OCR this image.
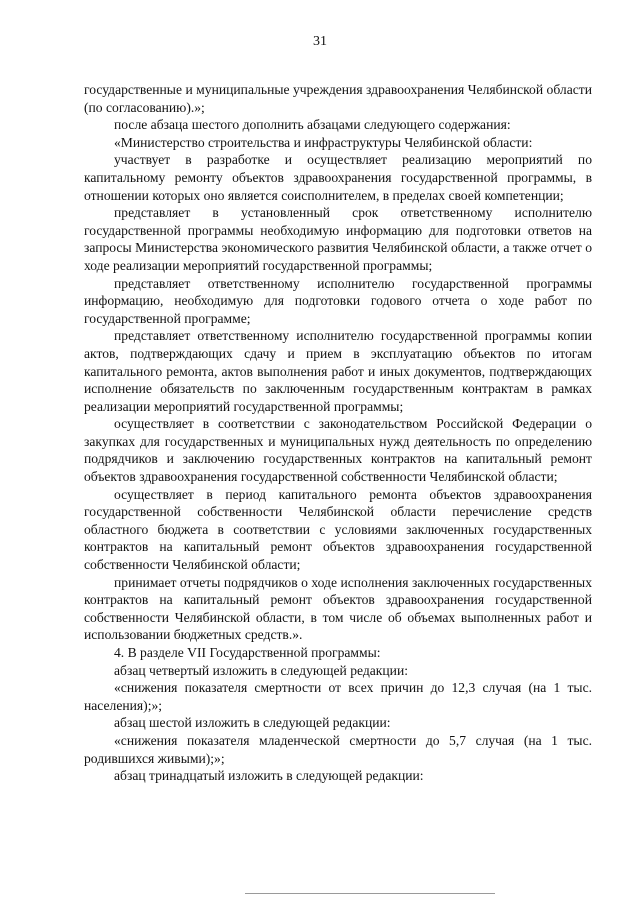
31

государственные и муниципальные учреждения здравоохранения Челябинской области (по согласованию).»;

после абзаца шестого дополнить абзацами следующего содержания:

«Министерство строительства и инфраструктуры Челябинской области:

участвует в разработке и осуществляет реализацию мероприятий по капитальному ремонту объектов здравоохранения государственной программы, в отношении которых оно является соисполнителем, в пределах своей компетенции;

представляет в установленный срок ответственному исполнителю государственной программы необходимую информацию для подготовки ответов на запросы Министерства экономического развития Челябинской области, а также отчет о ходе реализации мероприятий государственной программы;

представляет ответственному исполнителю государственной программы информацию, необходимую для подготовки годового отчета о ходе работ по государственной программе;

представляет ответственному исполнителю государственной программы копии актов, подтверждающих сдачу и прием в эксплуатацию объектов по итогам капитального ремонта, актов выполнения работ и иных документов, подтверждающих исполнение обязательств по заключенным государственным контрактам в рамках реализации мероприятий государственной программы;

осуществляет в соответствии с законодательством Российской Федерации о закупках для государственных и муниципальных нужд деятельность по определению подрядчиков и заключению государственных контрактов на капитальный ремонт объектов здравоохранения государственной собственности Челябинской области;

осуществляет в период капитального ремонта объектов здравоохранения государственной собственности Челябинской области перечисление средств областного бюджета в соответствии с условиями заключенных государственных контрактов на капитальный ремонт объектов здравоохранения государственной собственности Челябинской области;

принимает отчеты подрядчиков о ходе исполнения заключенных государственных контрактов на капитальный ремонт объектов здравоохранения государственной собственности Челябинской области, в том числе об объемах выполненных работ и использовании бюджетных средств.».

4. В разделе VII Государственной программы:

абзац четвертый изложить в следующей редакции:

«снижения показателя смертности от всех причин до 12,3 случая (на 1 тыс. населения);»;

абзац шестой изложить в следующей редакции:

«снижения показателя младенческой смертности до 5,7 случая (на 1 тыс. родившихся живыми);»;

абзац тринадцатый изложить в следующей редакции:
